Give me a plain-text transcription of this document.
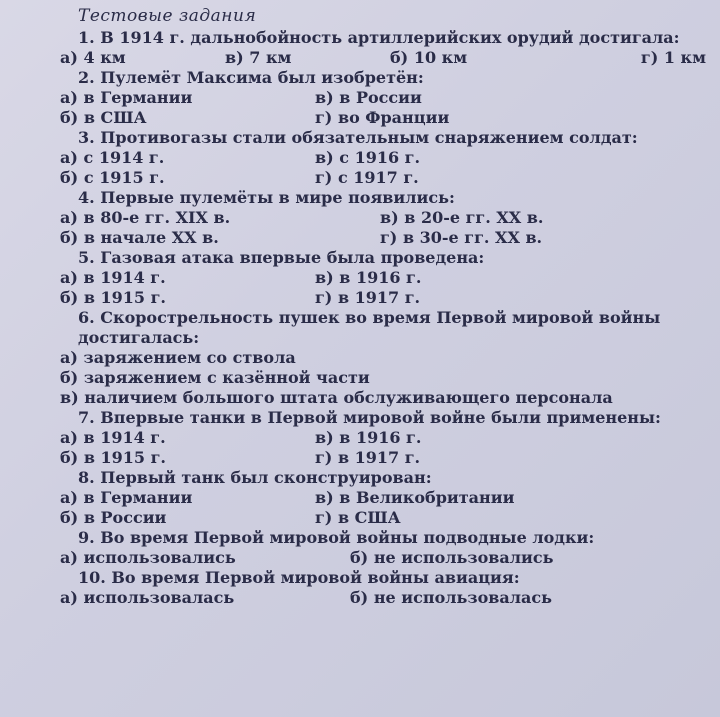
Тестовые задания
1. В 1914 г. дальнобойность артиллерийских орудий достигала:
а) 4 км	в) 7 км	б) 10 км	г) 1 км
2. Пулемёт Максима был изобретён:
а) в Германии	в) в России
б) в США	г) во Франции
3. Противогазы стали обязательным снаряжением солдат:
а) с 1914 г.	в) с 1916 г.
б) с 1915 г.	г) с 1917 г.
4. Первые пулемёты в мире появились:
а) в 80-е гг. XIX в.	в) в 20-е гг. XX в.
б) в начале XX в.	г) в 30-е гг. XX в.
5. Газовая атака впервые была проведена:
а) в 1914 г.	в) в 1916 г.
б) в 1915 г.	г) в 1917 г.
6. Скорострельность пушек во время Первой мировой войны достигалась:
а) заряжением со ствола
б) заряжением с казённой части
в) наличием большого штата обслуживающего персонала
7. Впервые танки в Первой мировой войне были применены:
а) в 1914 г.	в) в 1916 г.
б) в 1915 г.	г) в 1917 г.
8. Первый танк был сконструирован:
а) в Германии	в) в Великобритании
б) в России	г) в США
9. Во время Первой мировой войны подводные лодки:
а) использовались	б) не использовались
10. Во время Первой мировой войны авиация:
а) использовалась	б) не использовалась
